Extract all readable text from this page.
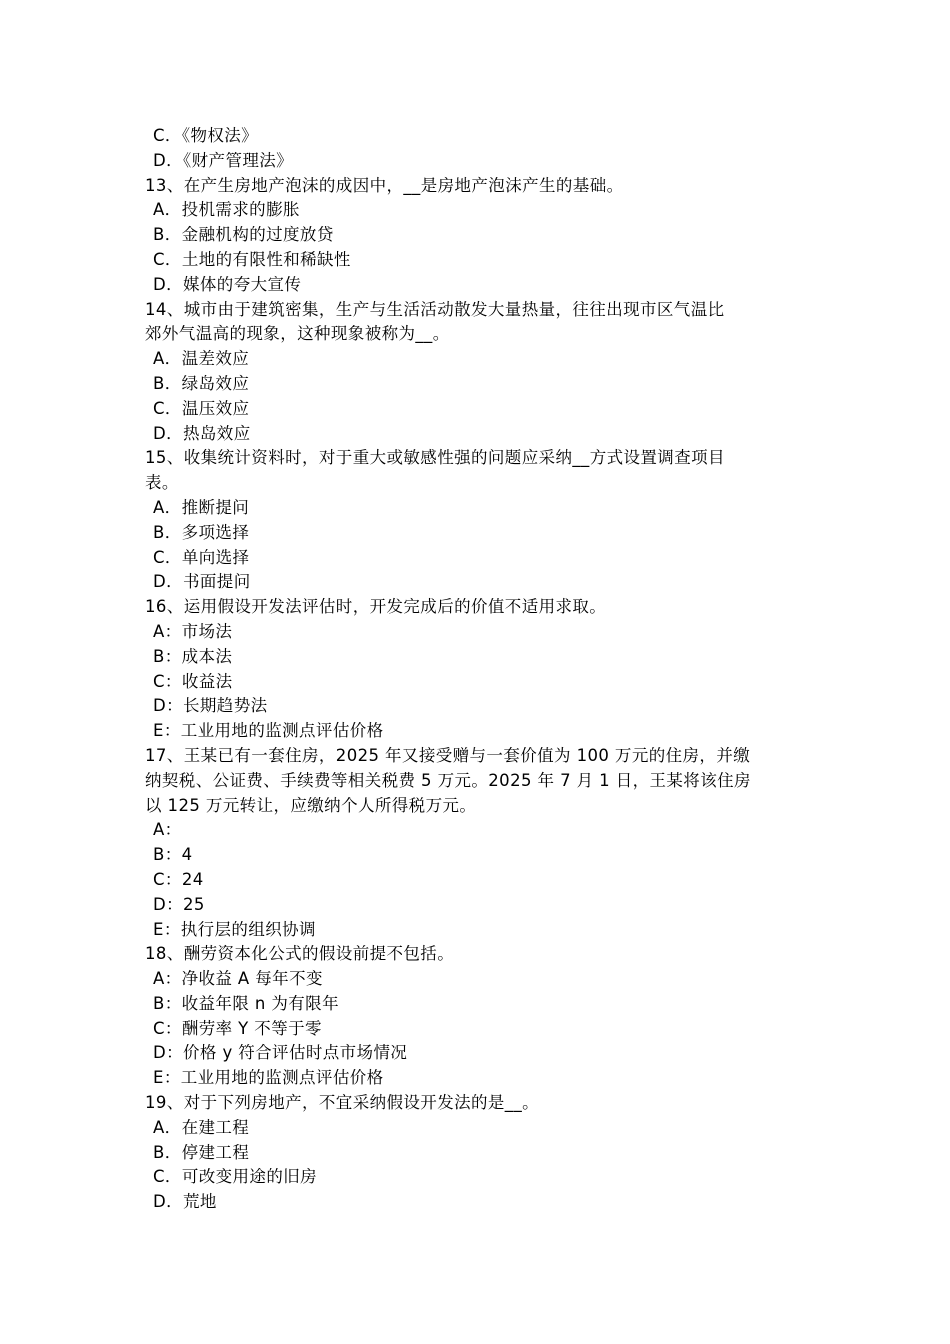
C．《物权法》
D．《财产管理法》
13、在产生房地产泡沫的成因中，__是房地产泡沫产生的基础。
A．投机需求的膨胀
B．金融机构的过度放贷
C．土地的有限性和稀缺性
D．媒体的夸大宣传
14、城市由于建筑密集，生产与生活活动散发大量热量，往往出现市区气温比
郊外气温高的现象，这种现象被称为__。
A．温差效应
B．绿岛效应
C．温压效应
D．热岛效应
15、收集统计资料时，对于重大或敏感性强的问题应采纳__方式设置调查项目
表。
A．推断提问
B．多项选择
C．单向选择
D．书面提问
16、运用假设开发法评估时，开发完成后的价值不适用求取。
A：市场法
B：成本法
C：收益法
D：长期趋势法
E：工业用地的监测点评估价格
17、王某已有一套住房，2025 年又接受赠与一套价值为 100 万元的住房，并缴
纳契税、公证费、手续费等相关税费 5 万元。2025 年 7 月 1 日，王某将该住房
以 125 万元转让，应缴纳个人所得税万元。
A：
B：4
C：24
D：25
E：执行层的组织协调
18、酬劳资本化公式的假设前提不包括。
A：净收益 A 每年不变
B：收益年限 n 为有限年
C：酬劳率 Y 不等于零
D：价格 y 符合评估时点市场情况
E：工业用地的监测点评估价格
19、对于下列房地产，不宜采纳假设开发法的是__。
A．在建工程
B．停建工程
C．可改变用途的旧房
D．荒地
